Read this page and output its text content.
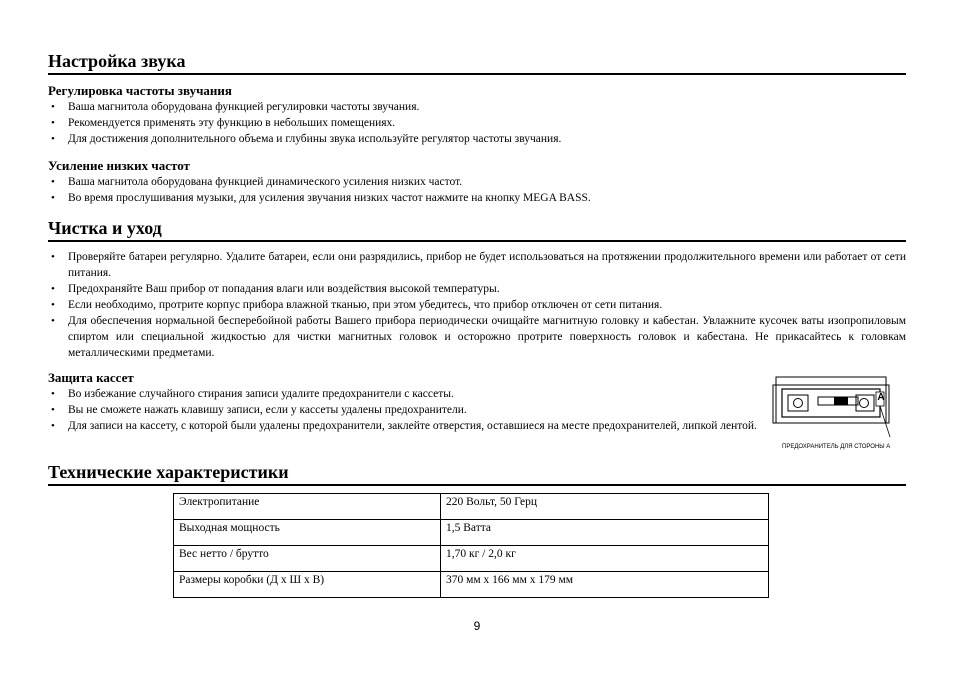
Настройка звука
Регулировка частоты звучания
• Ваша магнитола оборудована функцией регулировки частоты звучания.
• Рекомендуется применять эту функцию в небольших помещениях.
• Для достижения дополнительного объема и глубины звука используйте регулятор частоты звучания.
Усиление низких частот
• Ваша магнитола оборудована функцией динамического усиления низких частот.
• Во время прослушивания музыки, для усиления звучания низких частот нажмите на кнопку MEGA BASS.
Чистка и уход
• Проверяйте батареи регулярно. Удалите батареи, если они разрядились, прибор не будет использоваться на протяжении продолжительного времени или работает от сети питания.
• Предохраняйте Ваш прибор от попадания влаги или воздействия высокой температуры.
• Если необходимо, протрите корпус прибора влажной тканью, при этом убедитесь, что прибор отключен от сети питания.
• Для обеспечения нормальной бесперебойной работы Вашего прибора периодически очищайте магнитную головку и кабестан. Увлажните кусочек ваты изопропиловым спиртом или специальной жидкостью для чистки магнитных головок и осторожно протрите поверхность головок и кабестана. Не прикасайтесь к головкам металлическими предметами.
Защита кассет
• Во избежание случайного стирания записи удалите предохранители с кассеты.
• Вы не сможете нажать клавишу записи, если у кассеты удалены предохранители.
• Для записи на кассету, с которой были удалены предохранители, заклейте отверстия, оставшиеся на месте предохранителей, липкой лентой.
A
ПРЕДОХРАНИТЕЛЬ ДЛЯ СТОРОНЫ А
Технические характеристики
Электропитание	220 Вольт, 50 Герц
Выходная мощность	1,5 Ватта
Вес нетто / брутто	1,70 кг / 2,0 кг
Размеры коробки (Д х Ш х В)	370 мм х 166 мм х 179 мм
9
